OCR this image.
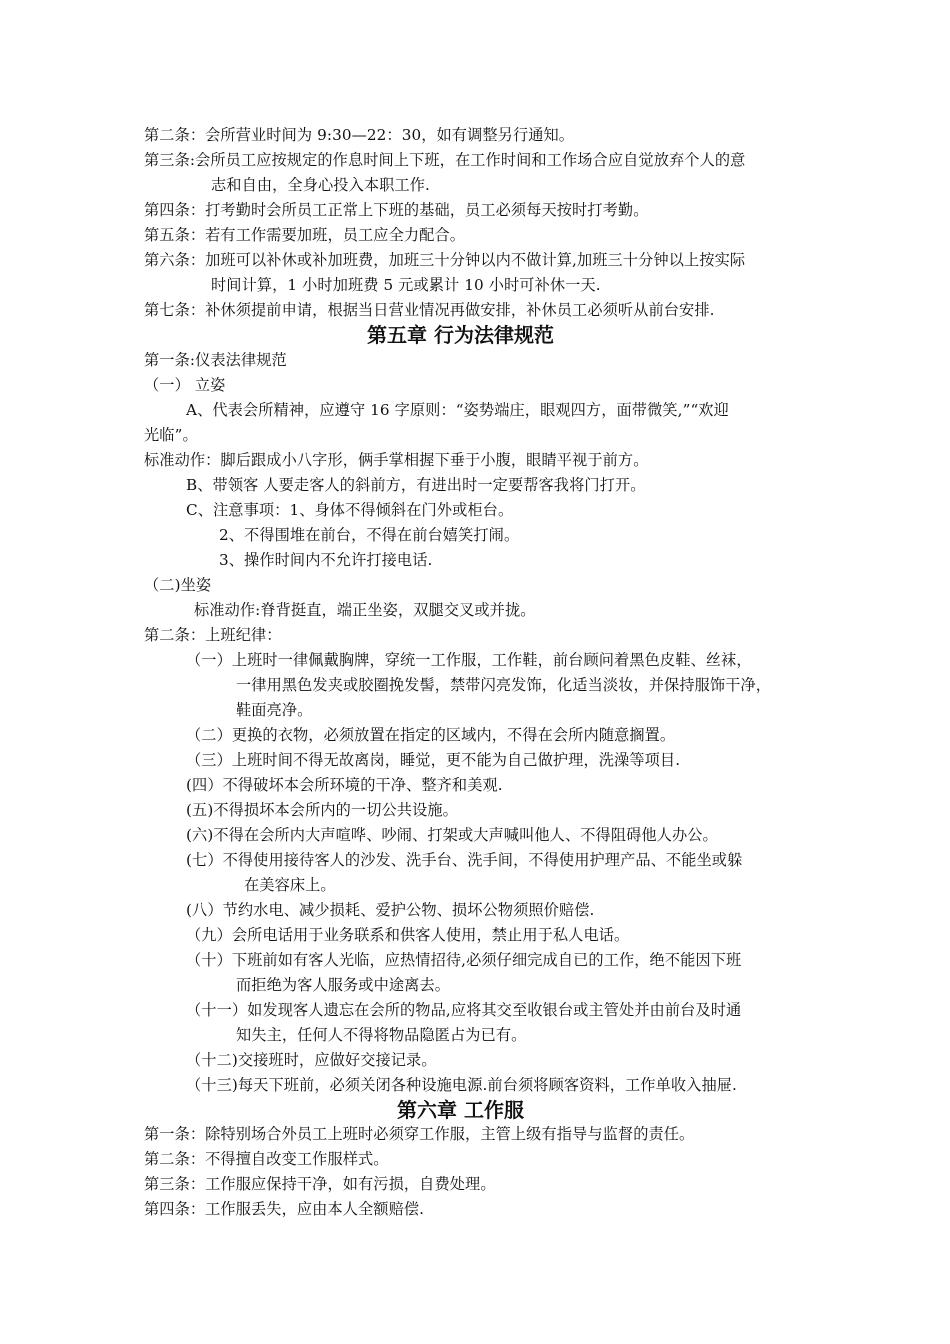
第二条：会所营业时间为 9:30—22：30，如有调整另行通知。
第三条:会所员工应按规定的作息时间上下班，在工作时间和工作场合应自觉放弃个人的意
志和自由，全身心投入本职工作.
第四条：打考勤时会所员工正常上下班的基础，员工必须每天按时打考勤。
第五条：若有工作需要加班，员工应全力配合。
第六条：加班可以补休或补加班费，加班三十分钟以内不做计算,加班三十分钟以上按实际
时间计算，1 小时加班费 5 元或累计 10 小时可补休一天.
第七条：补休须提前申请，根据当日营业情况再做安排，补休员工必须听从前台安排.
第五章 行为法律规范
第一条:仪表法律规范
（一） 立姿
A、代表会所精神，应遵守 16 字原则：“姿势端庄，眼观四方，面带微笑,”“欢迎
光临”。
标准动作：脚后跟成小八字形，俩手掌相握下垂于小腹，眼睛平视于前方。
B、带领客 人要走客人的斜前方，有进出时一定要帮客我将门打开。
C、注意事项：1、身体不得倾斜在门外或柜台。
2、不得围堆在前台，不得在前台嬉笑打闹。
3、操作时间内不允许打接电话.
（二)坐姿
标准动作:脊背挺直，端正坐姿，双腿交叉或并拢。
第二条：上班纪律：
（一）上班时一律佩戴胸牌，穿统一工作服，工作鞋，前台顾问着黑色皮鞋、丝袜，
一律用黑色发夹或胶圈挽发髻，禁带闪亮发饰，化适当淡妆，并保持服饰干净，
鞋面亮净。
（二）更换的衣物，必须放置在指定的区域内，不得在会所内随意搁置。
（三）上班时间不得无故离岗，睡觉，更不能为自己做护理，洗澡等项目.
(四）不得破坏本会所环境的干净、整齐和美观.
(五)不得损坏本会所内的一切公共设施。
(六)不得在会所内大声喧哗、吵闹、打架或大声喊叫他人、不得阻碍他人办公。
(七）不得使用接待客人的沙发、洗手台、洗手间，不得使用护理产品、不能坐或躲
在美容床上。
(八）节约水电、减少损耗、爱护公物、损坏公物须照价赔偿.
（九）会所电话用于业务联系和供客人使用，禁止用于私人电话。
（十）下班前如有客人光临，应热情招待,必须仔细完成自已的工作，绝不能因下班
而拒绝为客人服务或中途离去。
（十一）如发现客人遗忘在会所的物品,应将其交至收银台或主管处并由前台及时通
知失主，任何人不得将物品隐匿占为已有。
（十二)交接班时，应做好交接记录。
（十三)每天下班前，必须关闭各种设施电源.前台须将顾客资料，工作单收入抽屉.
第六章 工作服
第一条：除特别场合外员工上班时必须穿工作服，主管上级有指导与监督的责任。
第二条：不得擅自改变工作服样式。
第三条：工作服应保持干净，如有污损，自费处理。
第四条：工作服丢失，应由本人全额赔偿.
